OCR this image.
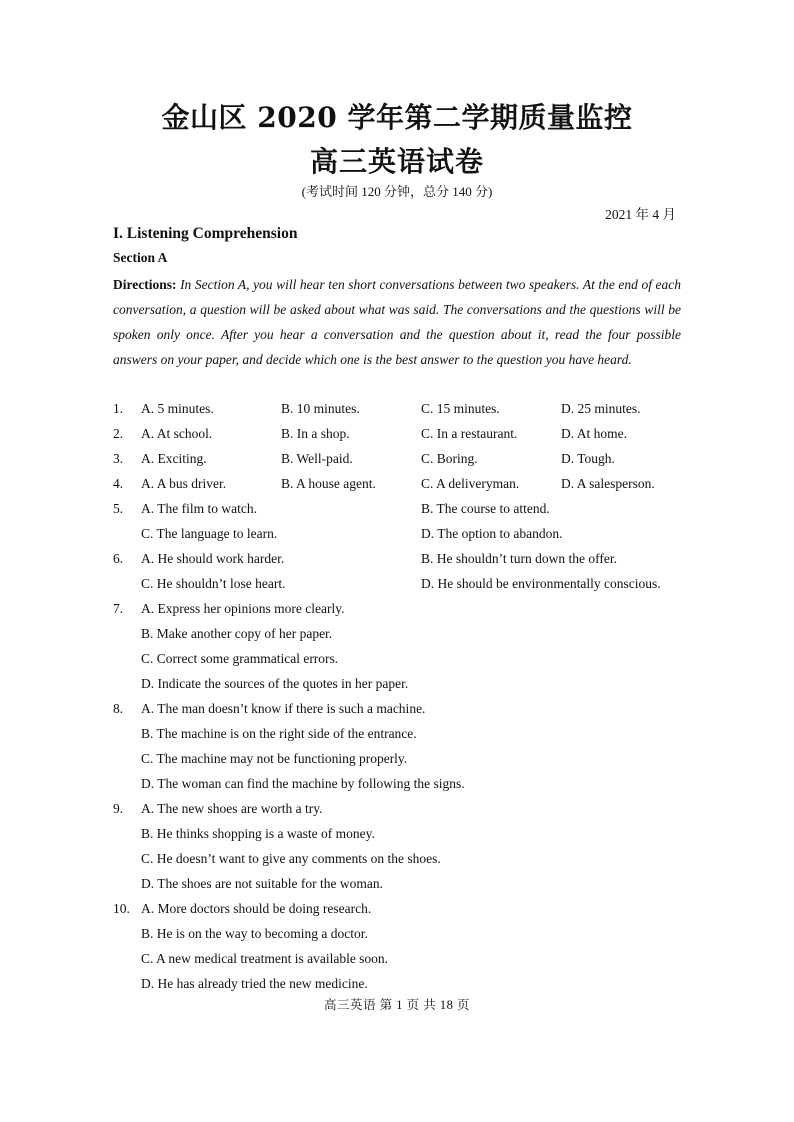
金山区 2020 学年第二学期质量监控
高三英语试卷
(考试时间 120 分钟，总分 140 分)
2021 年 4 月
I. Listening Comprehension
Section A
Directions: In Section A, you will hear ten short conversations between two speakers. At the end of each conversation, a question will be asked about what was said. The conversations and the questions will be spoken only once. After you hear a conversation and the question about it, read the four possible answers on your paper, and decide which one is the best answer to the question you have heard.
1. A. 5 minutes.	B. 10 minutes.	C. 15 minutes.	D. 25 minutes.
2. A. At school.	B. In a shop.	C. In a restaurant.	D. At home.
3. A. Exciting.	B. Well-paid.	C. Boring.	D. Tough.
4. A. A bus driver.	B. A house agent.	C. A deliveryman.	D. A salesperson.
5. A. The film to watch.	B. The course to attend.
C. The language to learn.	D. The option to abandon.
6. A. He should work harder.	B. He shouldn’t turn down the offer.
C. He shouldn’t lose heart.	D. He should be environmentally conscious.
7. A. Express her opinions more clearly.
B. Make another copy of her paper.
C. Correct some grammatical errors.
D. Indicate the sources of the quotes in her paper.
8. A. The man doesn’t know if there is such a machine.
B. The machine is on the right side of the entrance.
C. The machine may not be functioning properly.
D. The woman can find the machine by following the signs.
9. A. The new shoes are worth a try.
B. He thinks shopping is a waste of money.
C. He doesn’t want to give any comments on the shoes.
D. The shoes are not suitable for the woman.
10. A. More doctors should be doing research.
B. He is on the way to becoming a doctor.
C. A new medical treatment is available soon.
D. He has already tried the new medicine.
高三英语 第 1 页 共 18 页
